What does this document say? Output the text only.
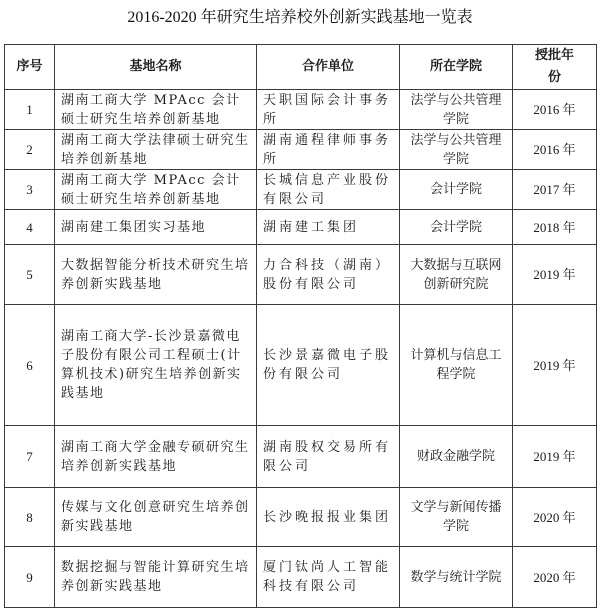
2016-2020 年研究生培养校外创新实践基地一览表
序号	基地名称	合作单位	所在学院	授批年份
1	湖南工商大学 MPAcc 会计硕士研究生培养创新基地	天职国际会计事务所	法学与公共管理学院	2016 年
2	湖南工商大学法律硕士研究生培养创新基地	湖南通程律师事务所	法学与公共管理学院	2016 年
3	湖南工商大学 MPAcc 会计硕士研究生培养创新基地	长城信息产业股份有限公司	会计学院	2017 年
4	湖南建工集团实习基地	湖南建工集团	会计学院	2018 年
5	大数据智能分析技术研究生培养创新实践基地	力合科技（湖南）股份有限公司	大数据与互联网创新研究院	2019 年
6	湖南工商大学-长沙景嘉微电子股份有限公司工程硕士(计算机技术)研究生培养创新实践基地	长沙景嘉微电子股份有限公司	计算机与信息工程学院	2019 年
7	湖南工商大学金融专硕研究生培养创新实践基地	湖南股权交易所有限公司	财政金融学院	2019 年
8	传媒与文化创意研究生培养创新实践基地	长沙晚报报业集团	文学与新闻传播学院	2020 年
9	数据挖掘与智能计算研究生培养创新实践基地	厦门钛尚人工智能科技有限公司	数学与统计学院	2020 年
